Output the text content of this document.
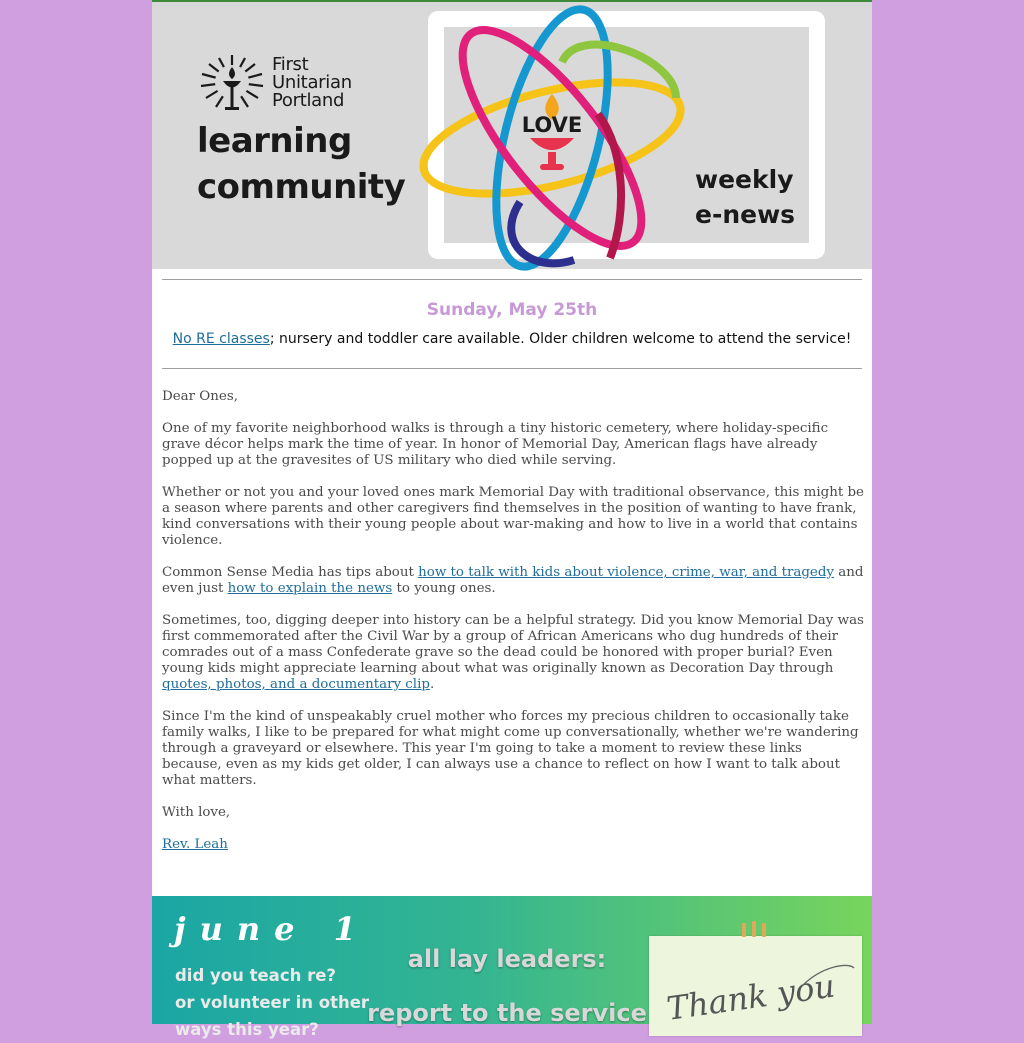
First
Unitarian
Portland
learning
community
LOVE
weekly
e-news
Sunday, May 25th
No RE classes; nursery and toddler care available. Older children welcome to attend the service!

Dear Ones,

One of my favorite neighborhood walks is through a tiny historic cemetery, where holiday-specific grave décor helps mark the time of year. In honor of Memorial Day, American flags have already popped up at the gravesites of US military who died while serving.

Whether or not you and your loved ones mark Memorial Day with traditional observance, this might be a season where parents and other caregivers find themselves in the position of wanting to have frank, kind conversations with their young people about war-making and how to live in a world that contains violence.

Common Sense Media has tips about how to talk with kids about violence, crime, war, and tragedy and even just how to explain the news to young ones.

Sometimes, too, digging deeper into history can be a helpful strategy. Did you know Memorial Day was first commemorated after the Civil War by a group of African Americans who dug hundreds of their comrades out of a mass Confederate grave so the dead could be honored with proper burial? Even young kids might appreciate learning about what was originally known as Decoration Day through quotes, photos, and a documentary clip.

Since I'm the kind of unspeakably cruel mother who forces my precious children to occasionally take family walks, I like to be prepared for what might come up conversationally, whether we're wandering through a graveyard or elsewhere. This year I'm going to take a moment to review these links because, even as my kids get older, I can always use a chance to reflect on how I want to talk about what matters.

With love,

Rev. Leah

june 1
did you teach re?
or volunteer in other
ways this year?
all lay leaders:
report to the service Thank you
